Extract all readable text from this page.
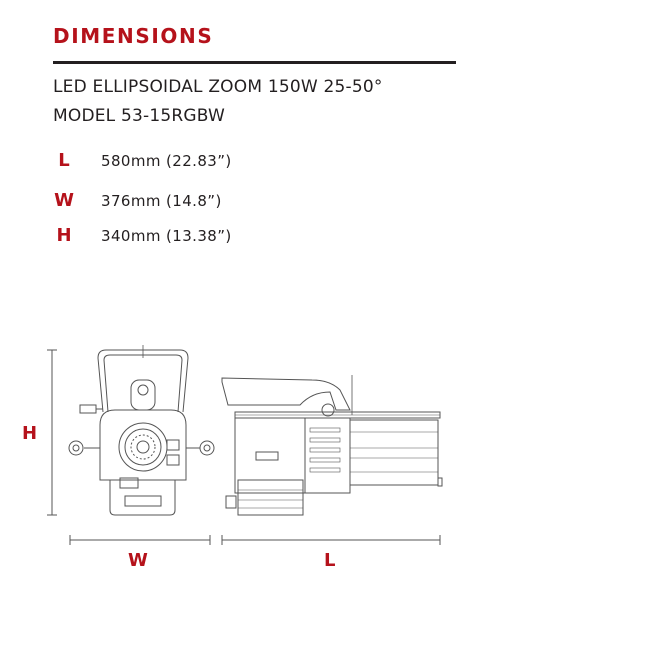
DIMENSIONS
LED ELLIPSOIDAL ZOOM 150W 25-50°
MODEL 53-15RGBW
L	580mm (22.83”)
W 376mm (14.8”)
H 340mm (13.38”)
H
W	L
